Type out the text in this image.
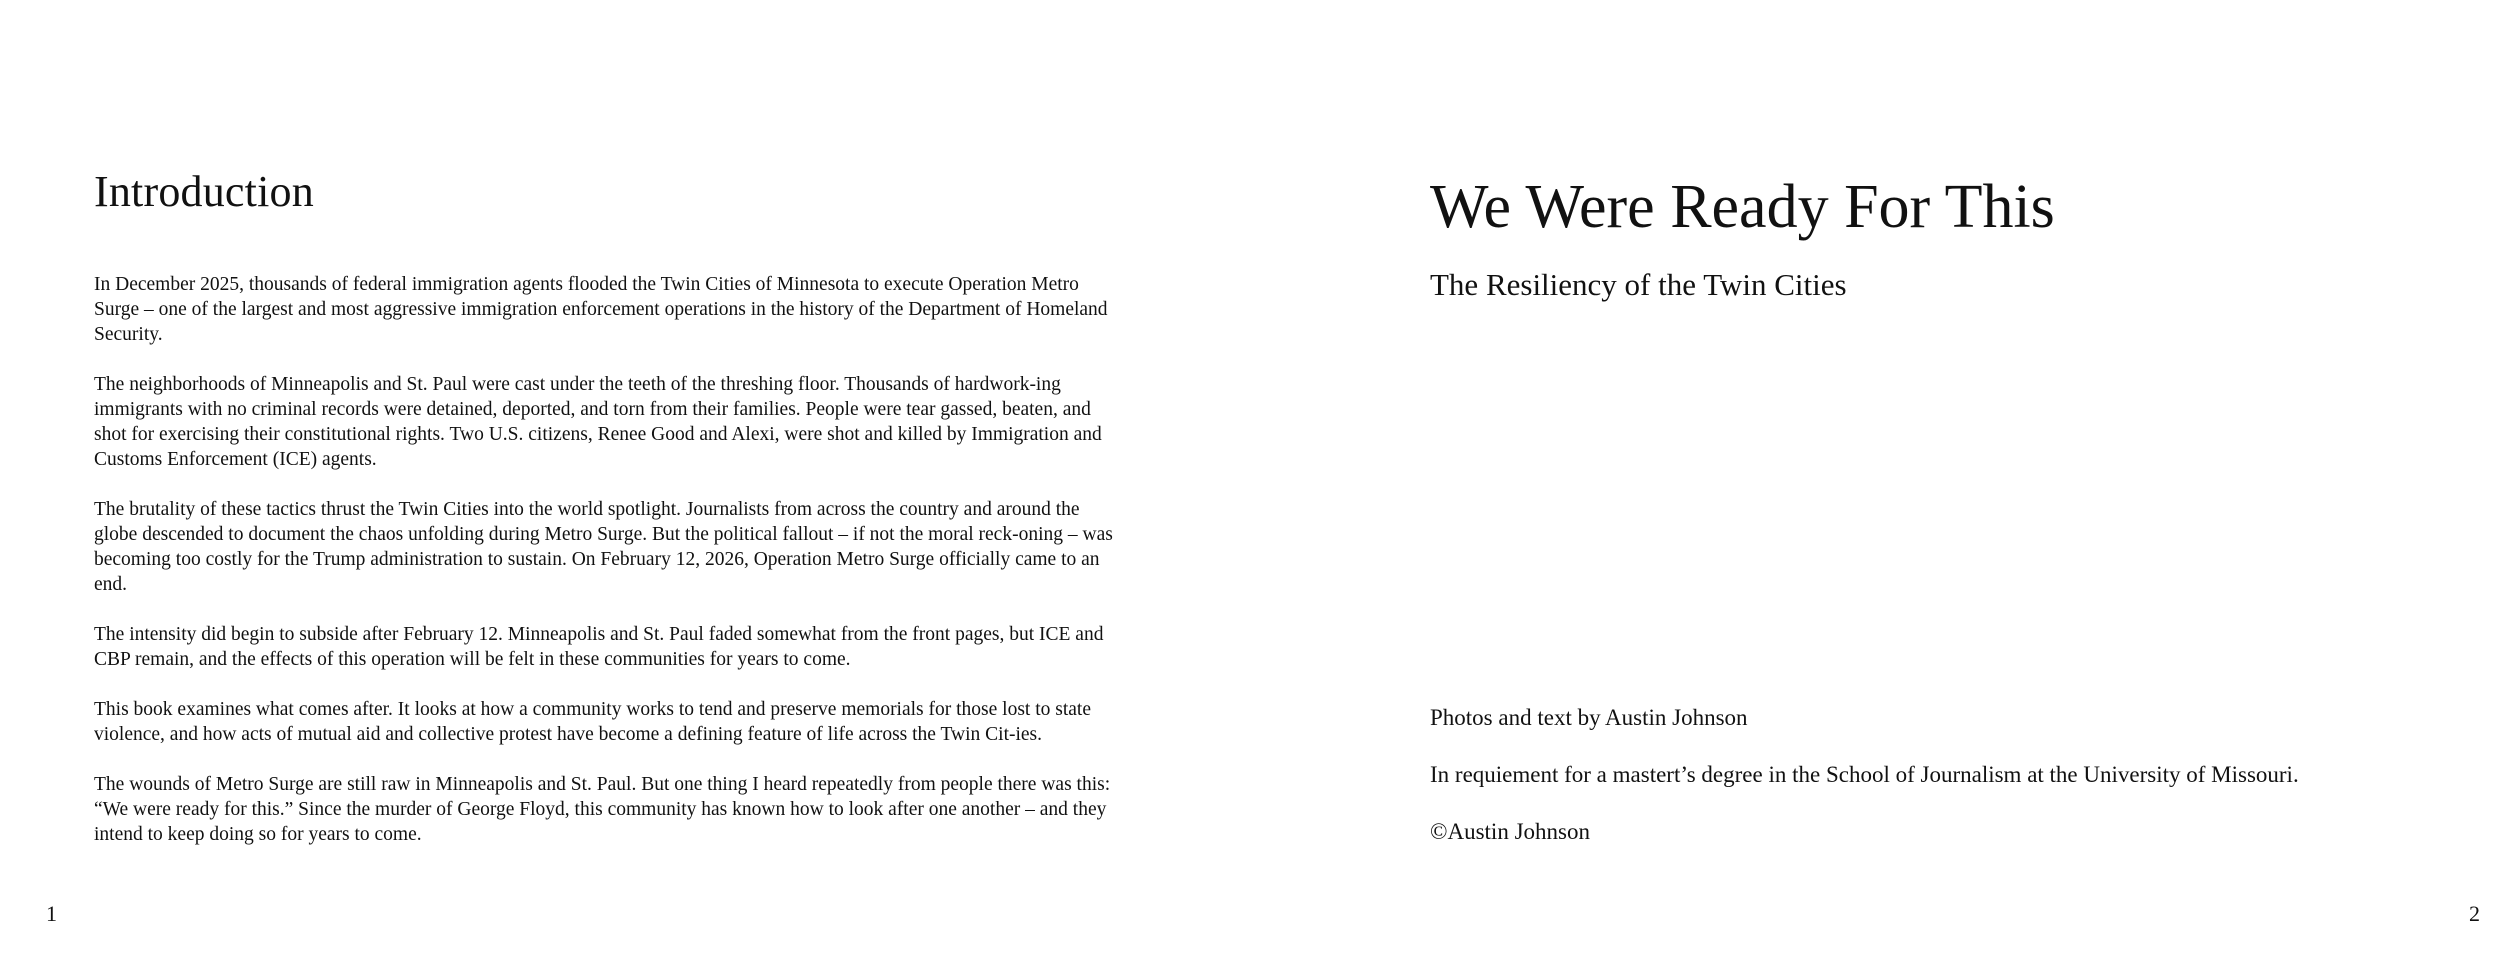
Introduction

In December 2025, thousands of federal immigration agents flooded the Twin Cities of Minnesota to execute Operation Metro Surge – one of the largest and most aggressive immigration enforcement operations in the history of the Department of Homeland Security.

The neighborhoods of Minneapolis and St. Paul were cast under the teeth of the threshing floor. Thousands of hardwork-ing immigrants with no criminal records were detained, deported, and torn from their families. People were tear gassed, beaten, and shot for exercising their constitutional rights. Two U.S. citizens, Renee Good and Alexi, were shot and killed by Immigration and Customs Enforcement (ICE) agents.

The brutality of these tactics thrust the Twin Cities into the world spotlight. Journalists from across the country and around the globe descended to document the chaos unfolding during Metro Surge. But the political fallout – if not the moral reck-oning – was becoming too costly for the Trump administration to sustain. On February 12, 2026, Operation Metro Surge officially came to an end.

The intensity did begin to subside after February 12. Minneapolis and St. Paul faded somewhat from the front pages, but ICE and CBP remain, and the effects of this operation will be felt in these communities for years to come.

This book examines what comes after. It looks at how a community works to tend and preserve memorials for those lost to state violence, and how acts of mutual aid and collective protest have become a defining feature of life across the Twin Cit-ies.

The wounds of Metro Surge are still raw in Minneapolis and St. Paul. But one thing I heard repeatedly from people there was this: “We were ready for this.” Since the murder of George Floyd, this community has known how to look after one another – and they intend to keep doing so for years to come.

1
We Were Ready For This
The Resiliency of the Twin Cities

Photos and text by Austin Johnson

In requiement for a mastert’s degree in the School of Journalism at the University of Missouri.

©Austin Johnson

2
